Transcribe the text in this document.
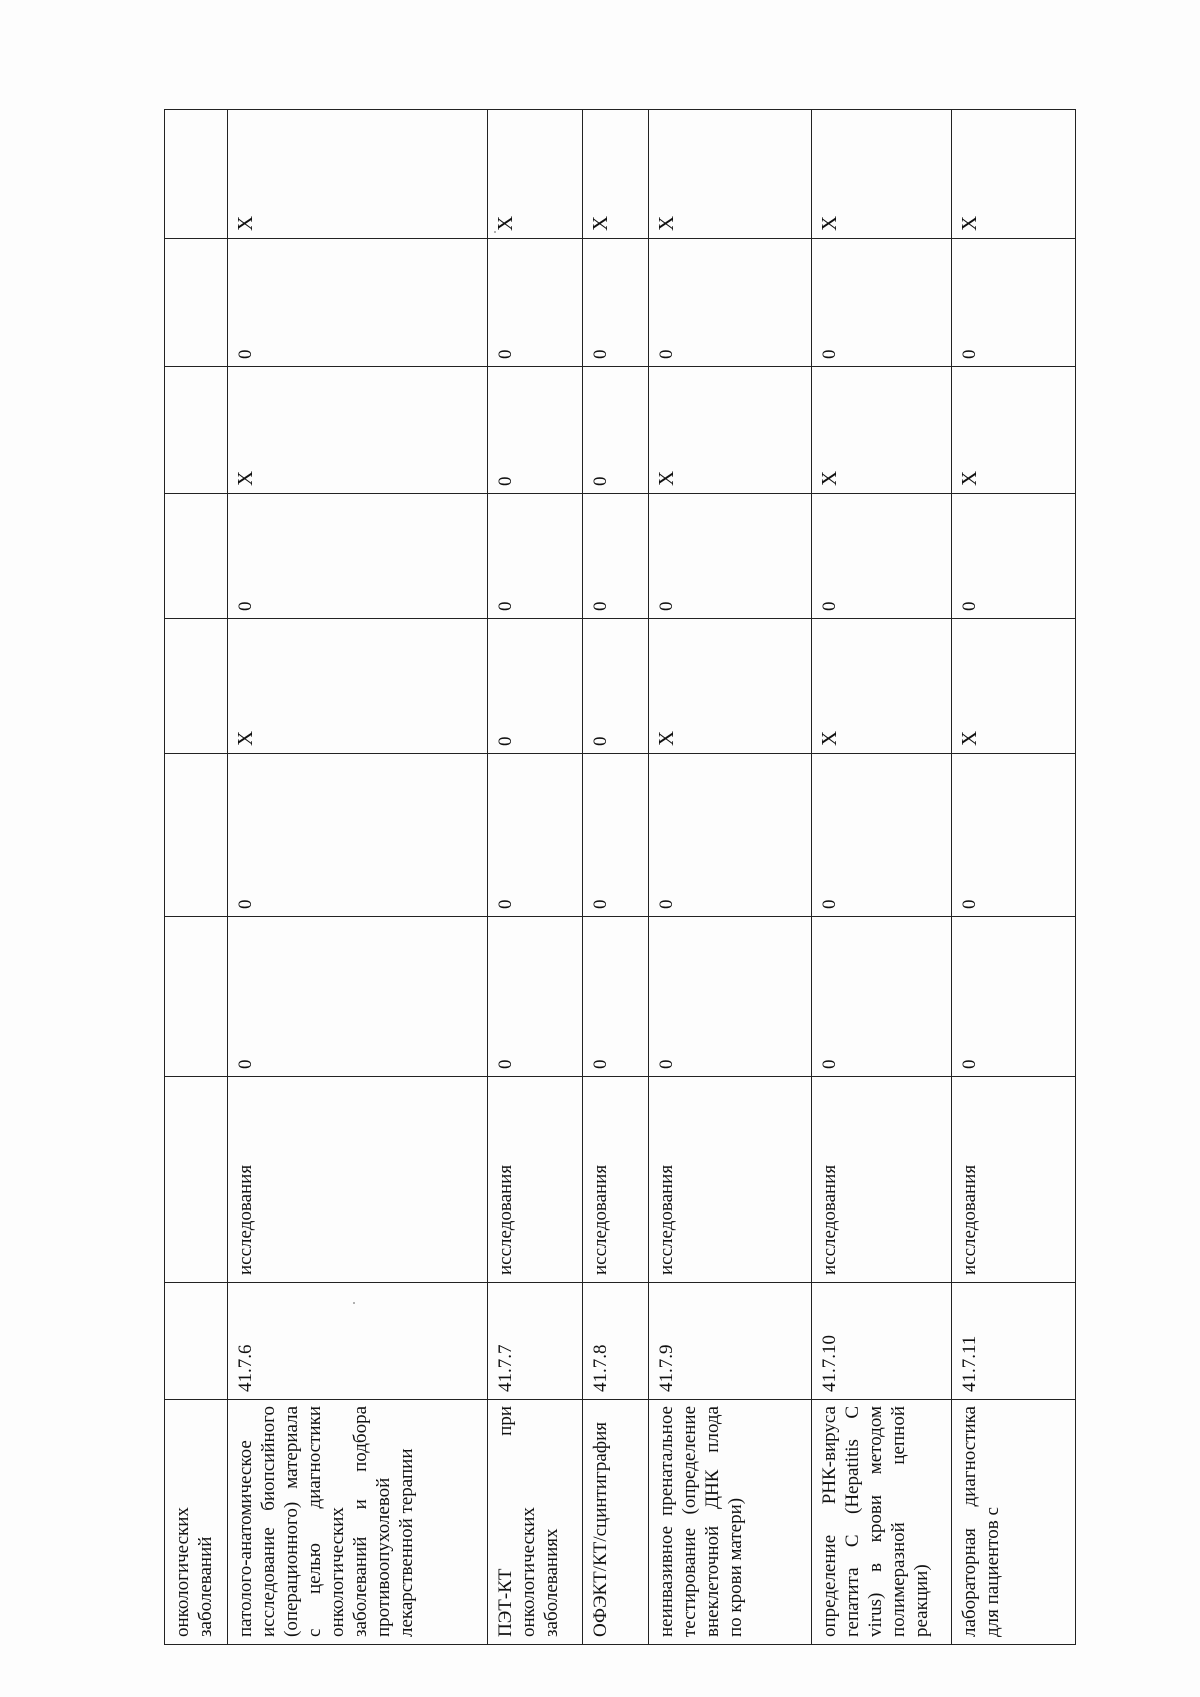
онкологических заболеваний									

патолого-анатомическое исследование биопсийного (операционного) материала с целью диагностики онкологических заболеваний и подбора противоопухолевой лекарственной терапии	41.7.6	исследования	0	0	X	0	X	0	X

ПЭТ-КТ при онкологических заболеваниях	41.7.7	исследования	0	0	0	0	0	0	X

ОФЭКТ/КТ/сцинтиграфия	41.7.8	исследования	0	0	0	0	0	0	X

неинвазивное пренатальное тестирование (определение внеклеточной ДНК плода по крови матери)	41.7.9	исследования	0	0	X	0	X	0	X

определение РНК-вируса гепатита С (Hepatitis C virus) в крови методом полимеразной цепной реакции)	41.7.10	исследования	0	0	X	0	X	0	X

лабораторная диагностика для пациентов с	41.7.11	исследования	0	0	X	0	X	0	X
